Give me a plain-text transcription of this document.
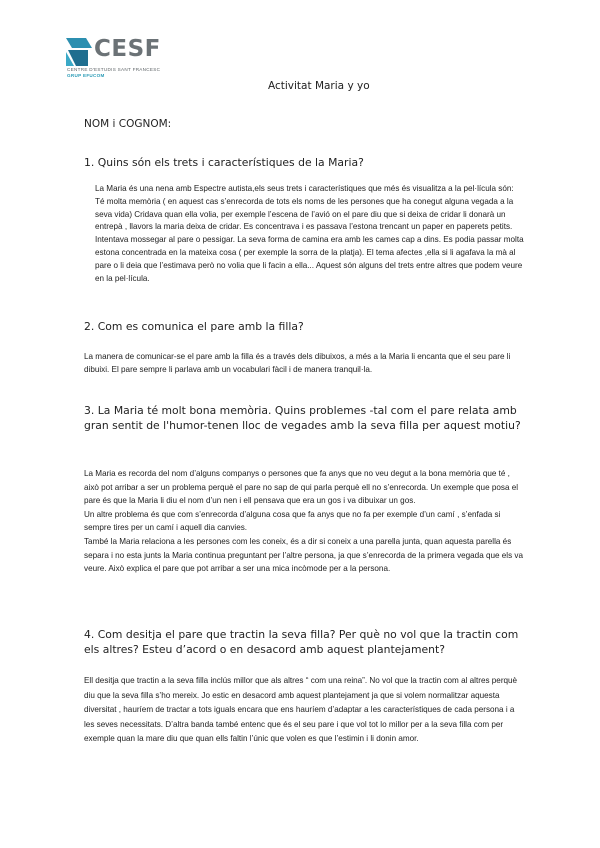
CESF
CENTRE D'ESTUDIS SANT FRANCESC
GRUP EFUCOM
Activitat Maria y yo
NOM i COGNOM:
1. Quins són els trets i característiques de la Maria?

La Maria és una nena amb Espectre autista,els seus trets i característiques que més és visualitza a la pel·lícula són: Té molta memòria ( en aquest cas s’enrecorda de tots els noms de les persones que ha conegut alguna vegada a la seva vida) Cridava quan ella volia, per exemple l’escena de l’avió on el pare diu que si deixa de cridar li donarà un entrepà , llavors la maria deixa de cridar. Es concentrava i es passava l’estona trencant un paper en paperets petits. Intentava mossegar al pare o pessigar. La seva forma de camina era amb les cames cap a dins. Es podia passar molta estona concentrada en la mateixa cosa ( per exemple la sorra de la platja). El tema afectes ,ella si li agafava la mà al pare o li deia que l’estimava però no volia que li facin a ella... Aquest són alguns del trets entre altres que podem veure en la pel·lícula.

2. Com es comunica el pare amb la filla?

La manera de comunicar-se el pare amb la filla és a través dels dibuixos, a més a la Maria li encanta que el seu pare li dibuixi. El pare sempre li parlava amb un vocabulari fàcil i de manera tranquil·la.

3. La Maria té molt bona memòria. Quins problemes -tal com el pare relata amb gran sentit de l'humor-tenen lloc de vegades amb la seva filla per aquest motiu?

La Maria es recorda del nom d’alguns companys o persones que fa anys que no veu degut a la bona memòria que té , això pot arribar a ser un problema perquè el pare no sap de qui parla perquè ell no s’enrecorda. Un exemple que posa el pare és que la Maria li diu el nom d’un nen i ell pensava que era un gos i va dibuixar un gos.

Un altre problema és que com s’enrecorda d’alguna cosa que fa anys que no fa per exemple d’un camí , s’enfada si sempre tires per un camí i aquell dia canvies.

També la Maria relaciona a les persones com les coneix, és a dir si coneix a una parella junta, quan aquesta parella és separa i no esta junts la Maria continua preguntant per l’altre persona, ja que s’enrecorda de la primera vegada que els va veure. Això explica el pare que pot arribar a ser una mica incòmode per a la persona.

4. Com desitja el pare que tractin la seva filla? Per què no vol que la tractin com els altres? Esteu d’acord o en desacord amb aquest plantejament?

Ell desitja que tractin a la seva filla inclús millor que als altres “ com una reina”. No vol que la tractin com al altres perquè diu que la seva filla s’ho mereix. Jo estic en desacord amb aquest plantejament ja que si volem normalitzar aquesta diversitat , hauríem de tractar a tots iguals encara que ens hauríem d’adaptar a les característiques de cada persona i a les seves necessitats. D’altra banda també entenc que és el seu pare i que vol tot lo millor per a la seva filla com per exemple quan la mare diu que quan ells faltin l’únic que volen es que l’estimin i li donin amor.
